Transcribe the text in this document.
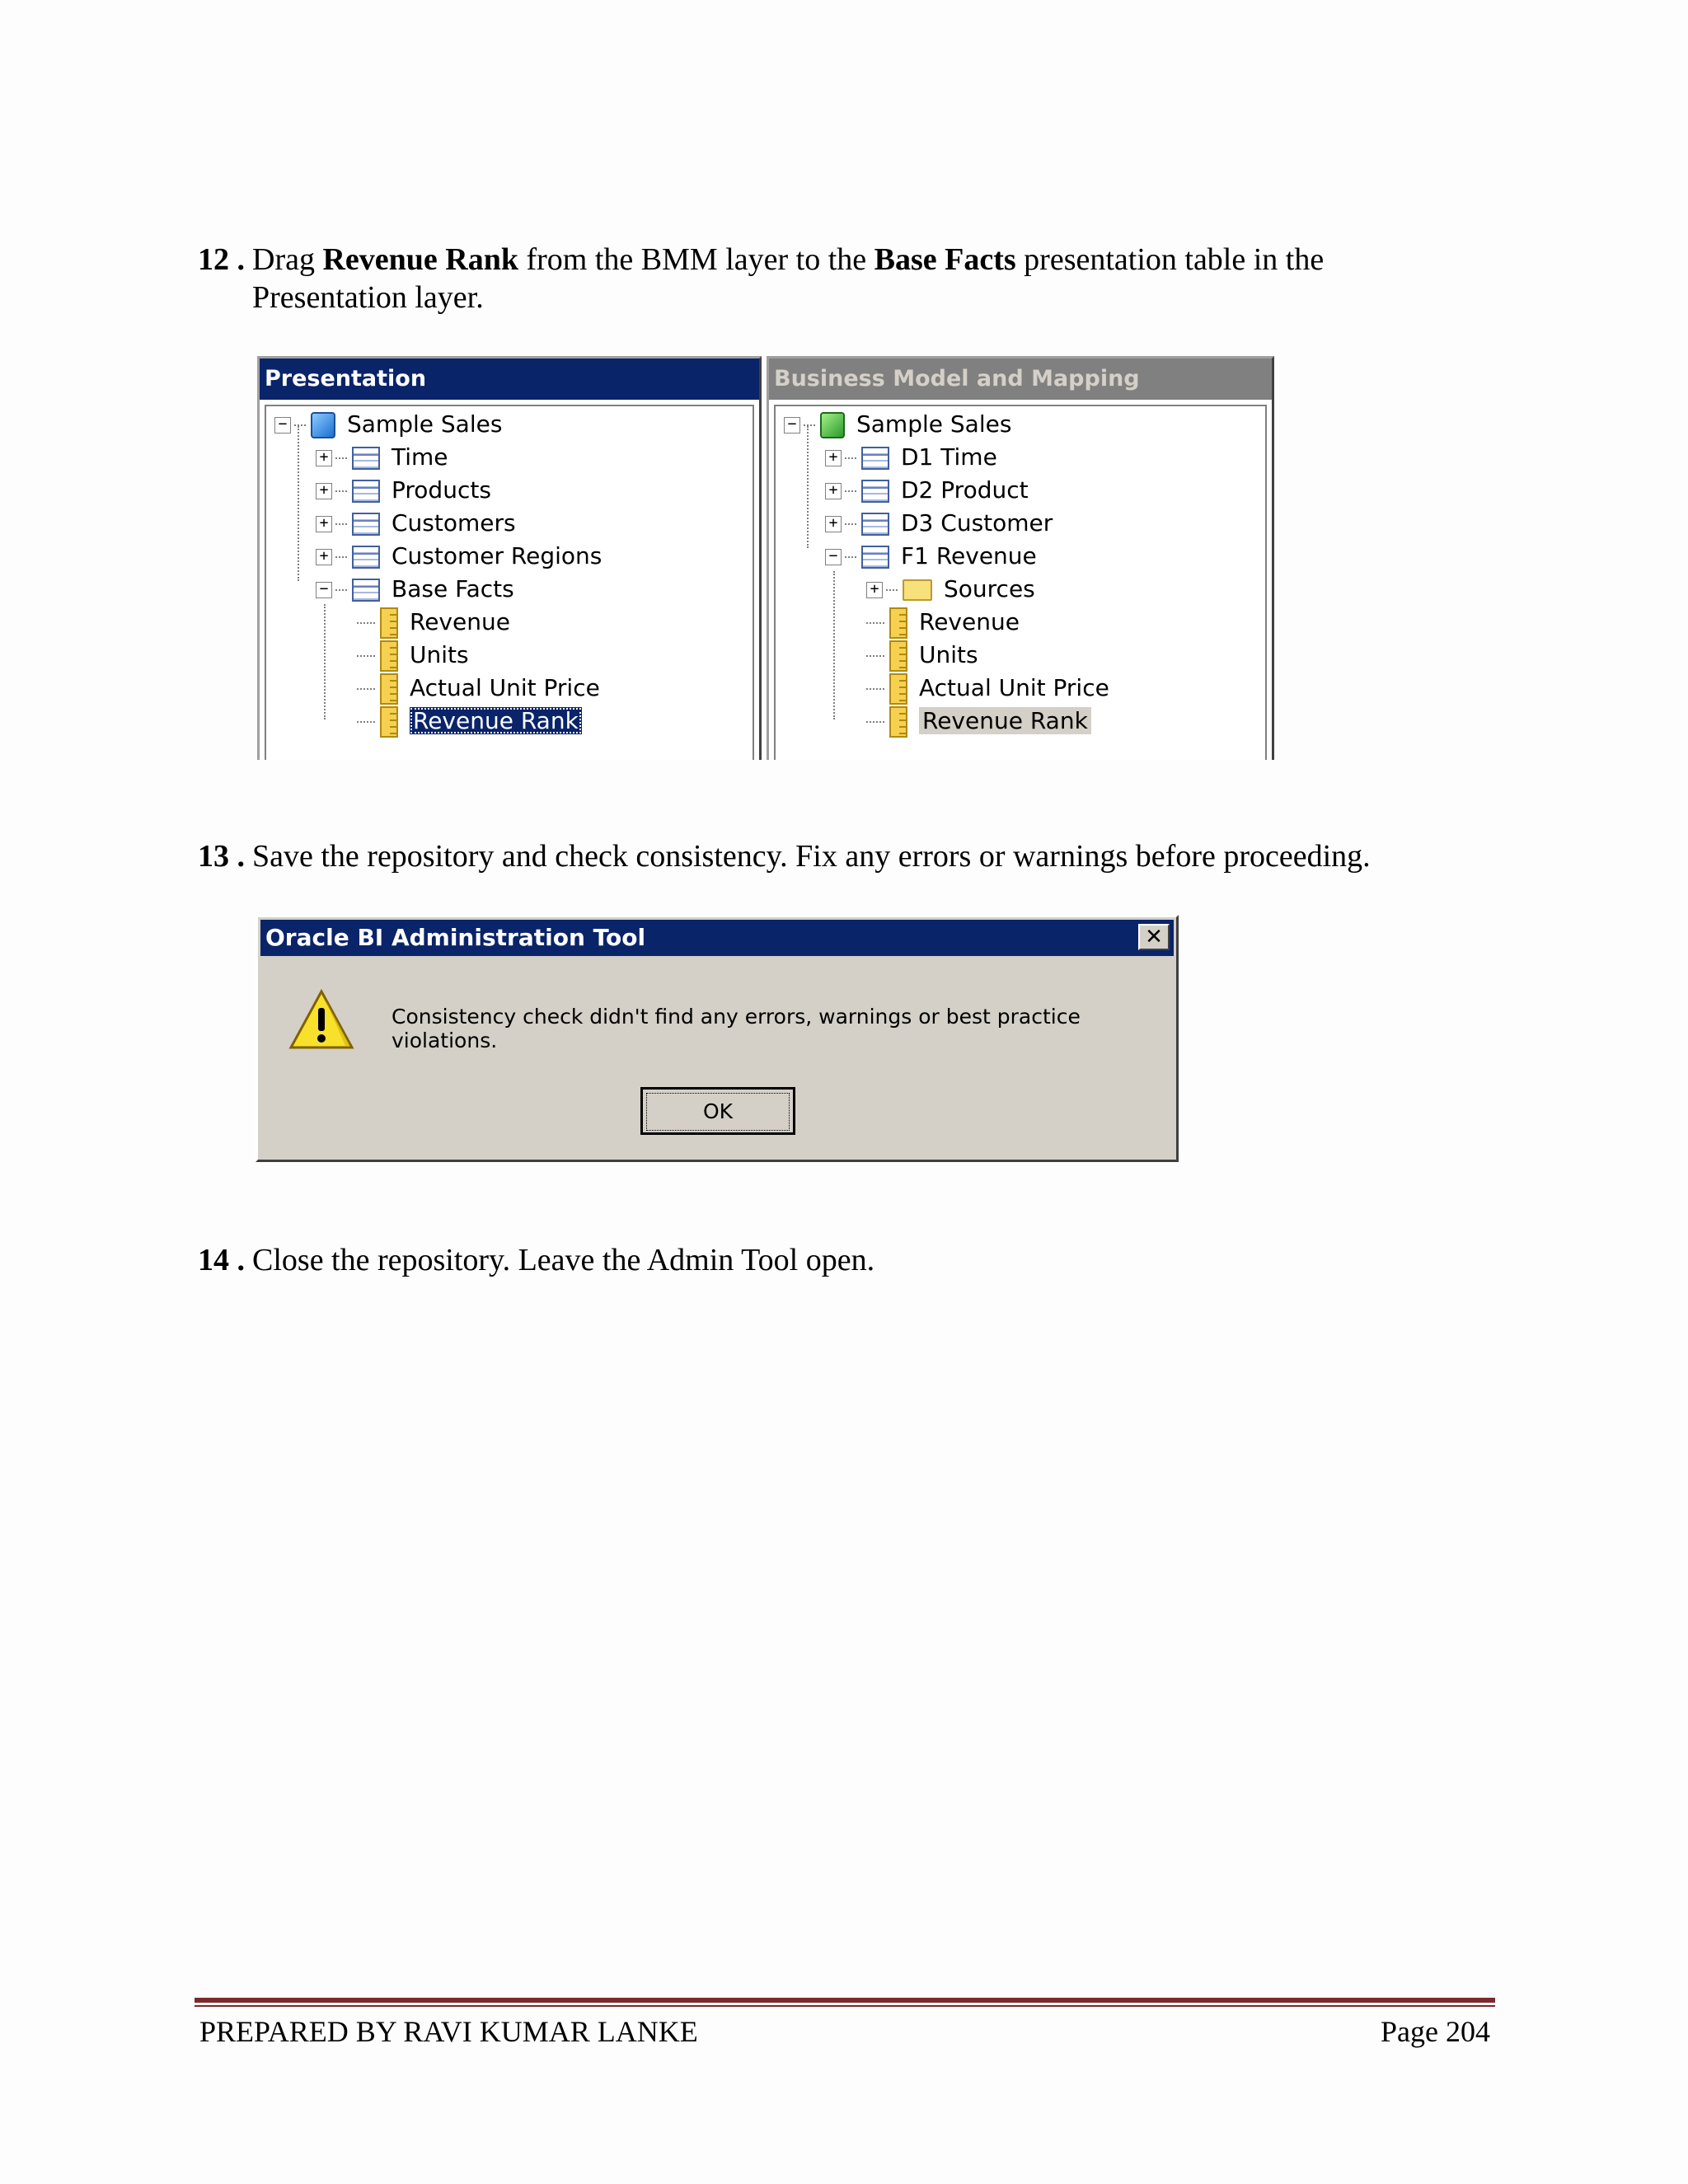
12 . Drag Revenue Rank from the BMM layer to the Base Facts presentation table in the
Presentation layer.
Presentation
−	Sample Sales
+	Time
+	Products
+	Customers
+	Customer Regions
−	Base Facts
Revenue
Units
Actual Unit Price
Revenue Rank
Business Model and Mapping
−	Sample Sales
+	D1 Time
+	D2 Product
+	D3 Customer
−	F1 Revenue
+	Sources
Revenue
Units
Actual Unit Price
Revenue Rank
13 . Save the repository and check consistency. Fix any errors or warnings before proceeding.
Oracle BI Administration Tool	✕
Consistency check didn't find any errors, warnings or best practice violations.
OK
14 . Close the repository. Leave the Admin Tool open.
PREPARED BY RAVI KUMAR LANKE	Page 204
